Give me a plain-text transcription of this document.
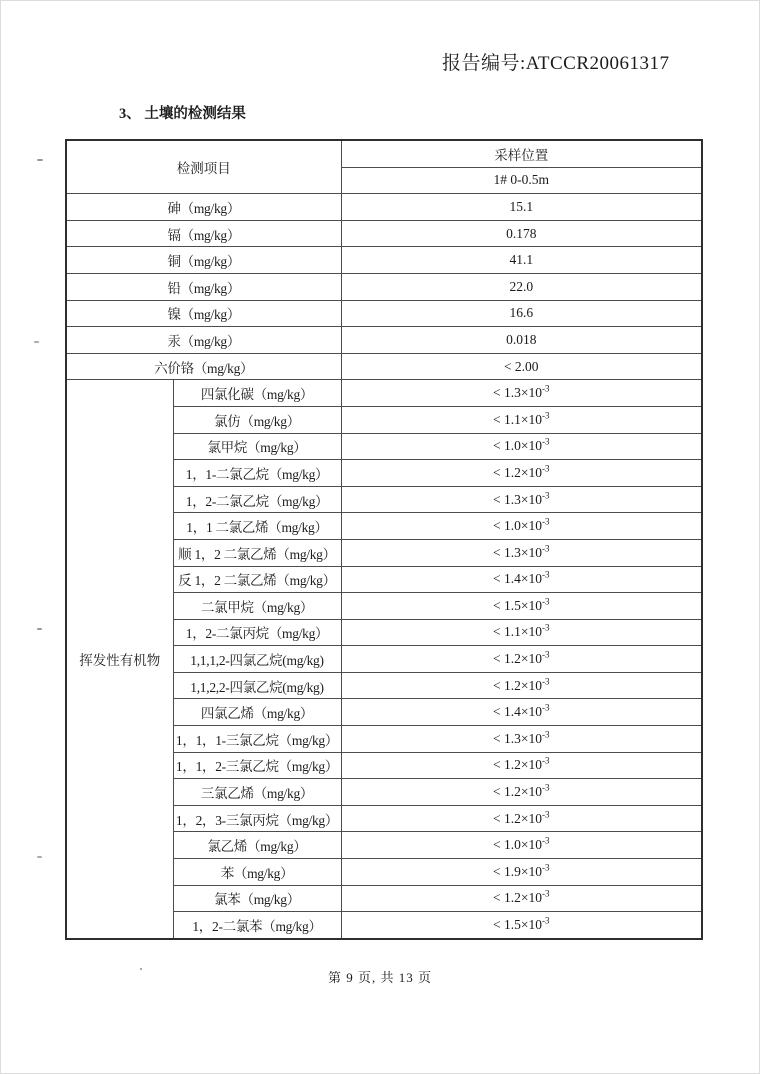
报告编号:ATCCR20061317
3、 土壤的检测结果
检测项目		采样位置
		1# 0-0.5m
砷（mg/kg）		15.1
镉（mg/kg）		0.178
铜（mg/kg）		41.1
铅（mg/kg）		22.0
镍（mg/kg）		16.6
汞（mg/kg）		0.018
六价铬（mg/kg）		< 2.00
挥发性有机物	四氯化碳（mg/kg）	< $1.3\times 10^{-3}$
	氯仿（mg/kg）	< $1.1\times 10^{-3}$
	氯甲烷（mg/kg）	< $1.0\times 10^{-3}$
	1，1-二氯乙烷（mg/kg）	< $1.2\times 10^{-3}$
	1，2-二氯乙烷（mg/kg）	< $1.3\times 10^{-3}$
	1，1 二氯乙烯（mg/kg）	< $1.0\times 10^{-3}$
	顺 1，2 二氯乙烯（mg/kg）	< $1.3\times 10^{-3}$
	反 1，2 二氯乙烯（mg/kg）	< $1.4\times 10^{-3}$
	二氯甲烷（mg/kg）	< $1.5\times 10^{-3}$
	1，2-二氯丙烷（mg/kg）	< $1.1\times 10^{-3}$
	1,1,1,2-四氯乙烷(mg/kg)	< $1.2\times 10^{-3}$
	1,1,2,2-四氯乙烷(mg/kg)	< $1.2\times 10^{-3}$
	四氯乙烯（mg/kg）	< $1.4\times 10^{-3}$
	1，1，1-三氯乙烷（mg/kg）	< $1.3\times 10^{-3}$
	1，1，2-三氯乙烷（mg/kg）	< $1.2\times 10^{-3}$
	三氯乙烯（mg/kg）	< $1.2\times 10^{-3}$
	1，2，3-三氯丙烷（mg/kg）	< $1.2\times 10^{-3}$
	氯乙烯（mg/kg）	< $1.0\times 10^{-3}$
	苯（mg/kg）	< $1.9\times 10^{-3}$
	氯苯（mg/kg）	< $1.2\times 10^{-3}$
	1，2-二氯苯（mg/kg）	< $1.5\times 10^{-3}$
第 9 页, 共 13 页
